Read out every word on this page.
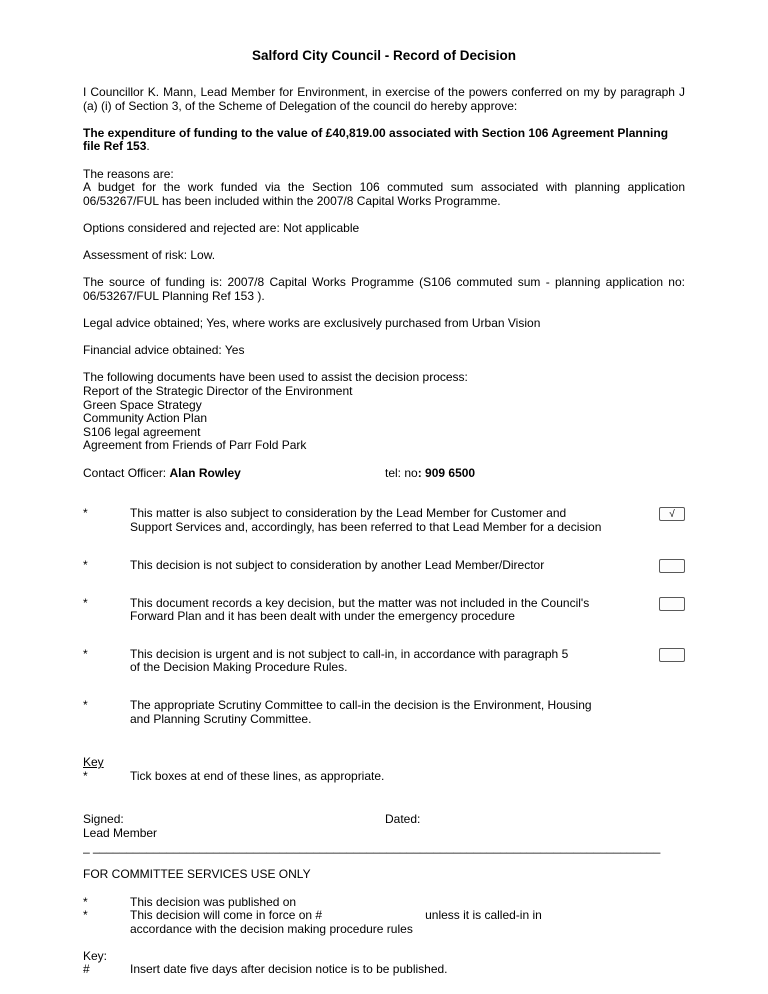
Salford City Council - Record of Decision
I Councillor K. Mann, Lead Member for Environment, in exercise of the powers conferred on my by paragraph J (a) (i) of Section 3, of the Scheme of Delegation of the council do hereby approve:
The expenditure of funding to the value of £40,819.00 associated with Section 106 Agreement Planning file Ref 153.
The reasons are:
A budget for the work funded via the Section 106 commuted sum associated with planning application 06/53267/FUL has been included within the 2007/8 Capital Works Programme.
Options considered and rejected are: Not applicable
Assessment of risk: Low.
The source of funding is: 2007/8 Capital Works Programme (S106 commuted sum - planning application no: 06/53267/FUL Planning Ref 153 ).
Legal advice obtained; Yes, where works are exclusively purchased from Urban Vision
Financial advice obtained: Yes
The following documents have been used to assist the decision process:
Report of the Strategic Director of the Environment
Green Space Strategy
Community Action Plan
S106 legal agreement
Agreement from Friends of Parr Fold Park
Contact Officer: Alan Rowley	tel: no: 909 6500
*	This matter is also subject to consideration by the Lead Member for Customer and
Support Services and, accordingly, has been referred to that Lead Member for a decision
√
*	This decision is not subject to consideration by another Lead Member/Director
*	This document records a key decision, but the matter was not included in the Council's
Forward Plan and it has been dealt with under the emergency procedure
*	This decision is urgent and is not subject to call-in, in accordance with paragraph 5
of the Decision Making Procedure Rules.
*	The appropriate Scrutiny Committee to call-in the decision is the Environment, Housing
and Planning Scrutiny Committee.
Key
*	Tick boxes at end of these lines, as appropriate.
Signed:	Dated:
Lead Member
_ _____________________________________________________________________________________
FOR COMMITTEE SERVICES USE ONLY
*	This decision was published on
*	This decision will come in force on #	unless it is called-in in
accordance with the decision making procedure rules
Key:
#	Insert date five days after decision notice is to be published.
